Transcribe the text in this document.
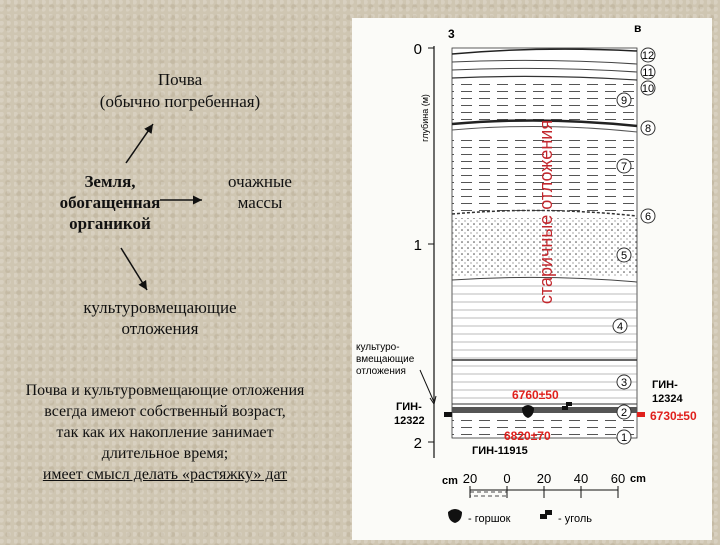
Почва
(обычно погребенная)
Земля,
обогащенная
органикой
очажные
массы
культуровмещающие
отложения
Почва и культуровмещающие отложения
всегда имеют собственный возраст,
так как их накопление занимает
длительное время;
имеет смысл делать «растяжку» дат
0
1
2
глубина (м)
3	в
старичные отложения
12
11
10
9
8
7
6
5
4
3
2
1
культуро-
вмещающие
отложения
6760±50
6730±50
6820±70
ГИН-
12322
ГИН-
12324
ГИН-11915
cm 20 0 20 40 60 cm
- горшок	- уголь
